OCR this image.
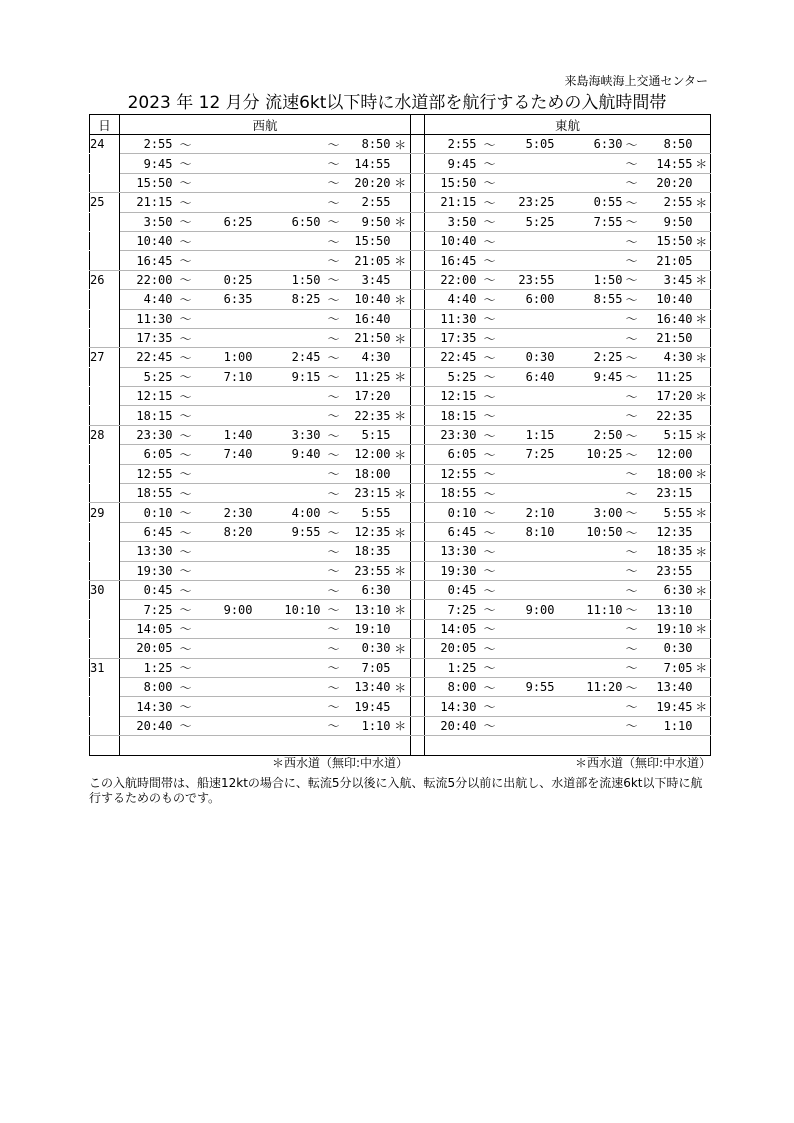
来島海峡海上交通センター
2023 年 12 月分 流速6kt以下時に水道部を航行するための入航時間帯
日	西航								東航						
24	2:55	〜			〜	8:50	＊		2:55	〜	5:05	6:30	〜	8:50	
	9:45	〜			〜	14:55			9:45	〜			〜	14:55	＊
	15:50	〜			〜	20:20	＊		15:50	〜			〜	20:20	
25	21:15	〜			〜	2:55			21:15	〜	23:25	0:55	〜	2:55	＊
	3:50	〜	6:25	6:50	〜	9:50	＊		3:50	〜	5:25	7:55	〜	9:50	
	10:40	〜			〜	15:50			10:40	〜			〜	15:50	＊
	16:45	〜			〜	21:05	＊		16:45	〜			〜	21:05	
26	22:00	〜	0:25	1:50	〜	3:45			22:00	〜	23:55	1:50	〜	3:45	＊
	4:40	〜	6:35	8:25	〜	10:40	＊		4:40	〜	6:00	8:55	〜	10:40	
	11:30	〜			〜	16:40			11:30	〜			〜	16:40	＊
	17:35	〜			〜	21:50	＊		17:35	〜			〜	21:50	
27	22:45	〜	1:00	2:45	〜	4:30			22:45	〜	0:30	2:25	〜	4:30	＊
	5:25	〜	7:10	9:15	〜	11:25	＊		5:25	〜	6:40	9:45	〜	11:25	
	12:15	〜			〜	17:20			12:15	〜			〜	17:20	＊
	18:15	〜			〜	22:35	＊		18:15	〜			〜	22:35	
28	23:30	〜	1:40	3:30	〜	5:15			23:30	〜	1:15	2:50	〜	5:15	＊
	6:05	〜	7:40	9:40	〜	12:00	＊		6:05	〜	7:25	10:25	〜	12:00	
	12:55	〜			〜	18:00			12:55	〜			〜	18:00	＊
	18:55	〜			〜	23:15	＊		18:55	〜			〜	23:15	
29	0:10	〜	2:30	4:00	〜	5:55			0:10	〜	2:10	3:00	〜	5:55	＊
	6:45	〜	8:20	9:55	〜	12:35	＊		6:45	〜	8:10	10:50	〜	12:35	
	13:30	〜			〜	18:35			13:30	〜			〜	18:35	＊
	19:30	〜			〜	23:55	＊		19:30	〜			〜	23:55	
30	0:45	〜			〜	6:30			0:45	〜			〜	6:30	＊
	7:25	〜	9:00	10:10	〜	13:10	＊		7:25	〜	9:00	11:10	〜	13:10	
	14:05	〜			〜	19:10			14:05	〜			〜	19:10	＊
	20:05	〜			〜	0:30	＊		20:05	〜			〜	0:30	
31	1:25	〜			〜	7:05			1:25	〜			〜	7:05	＊
	8:00	〜			〜	13:40	＊		8:00	〜	9:55	11:20	〜	13:40	
	14:30	〜			〜	19:45			14:30	〜			〜	19:45	＊
	20:40	〜			〜	1:10	＊		20:40	〜			〜	1:10	

＊西水道（無印:中水道）	＊西水道（無印:中水道）
この入航時間帯は、船速12ktの場合に、転流5分以後に入航、転流5分以前に出航し、水道部を流速6kt以下時に航行するためのものです。
